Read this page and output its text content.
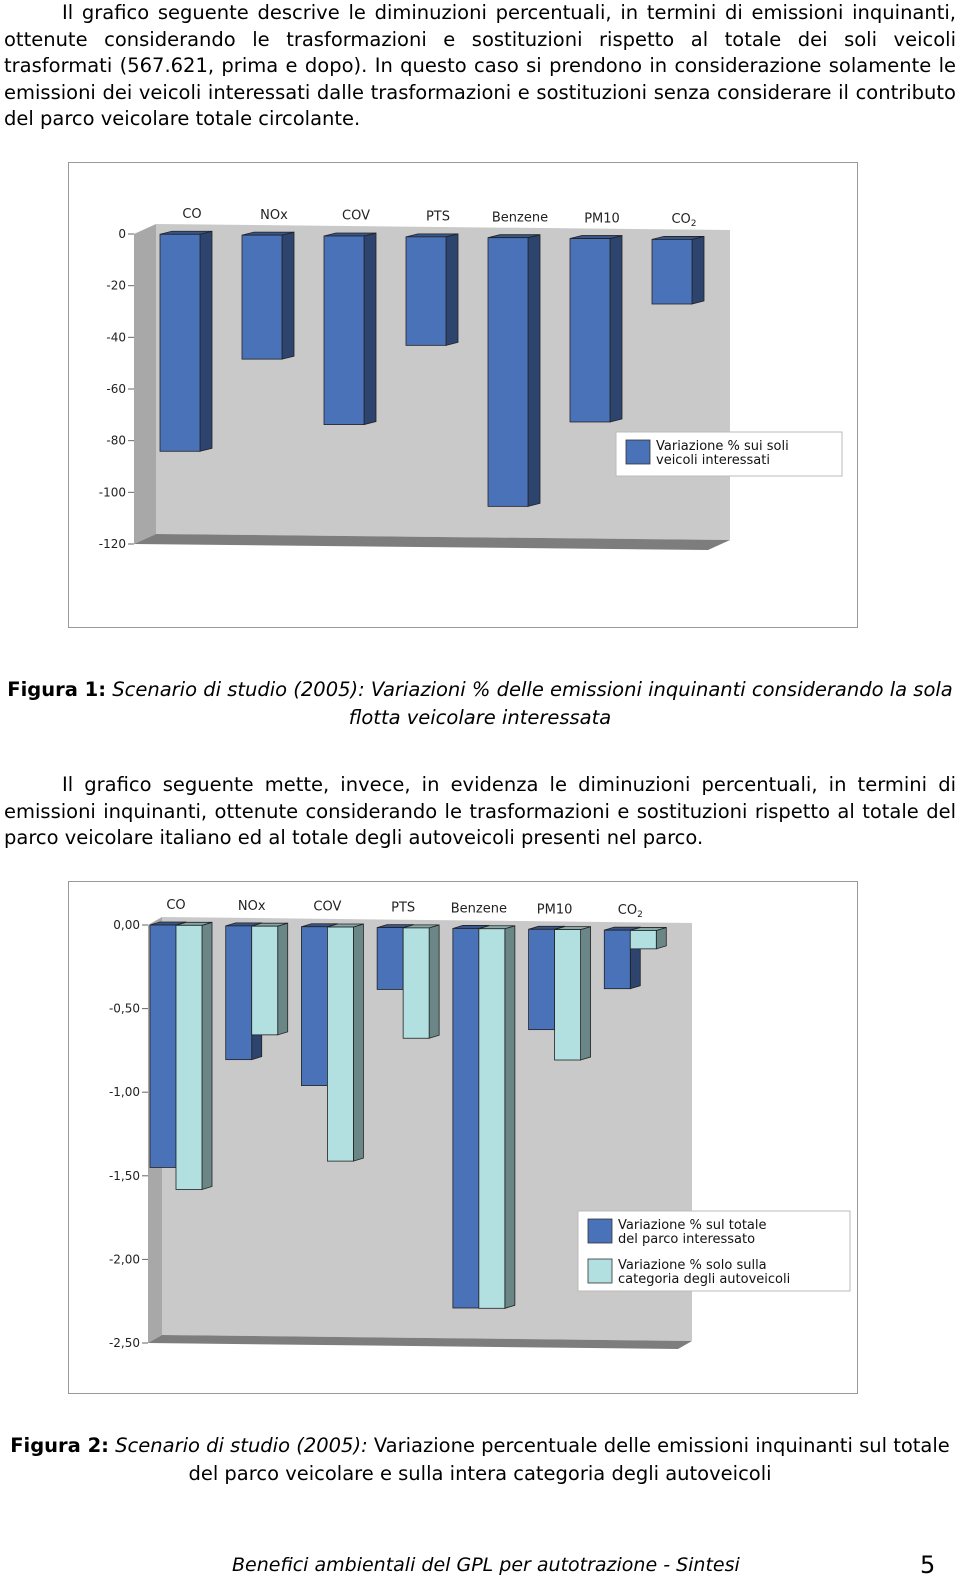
Il grafico seguente descrive le diminuzioni percentuali, in termini di emissioni inquinanti, ottenute considerando le trasformazioni e sostituzioni rispetto al totale dei soli veicoli trasformati (567.621, prima e dopo). In questo caso si prendono in considerazione solamente le emissioni dei veicoli interessati dalle trasformazioni e sostituzioni senza considerare il contributo del parco veicolare totale circolante.

0
-20
-40
-60
-80
-100
-120
CO	NOx	COV	PTS	Benzene	PM10	$CO_2$
Variazione % sui soli veicoli interessati

Figura 1: Scenario di studio (2005): Variazioni % delle emissioni inquinanti considerando la sola flotta veicolare interessata

Il grafico seguente mette, invece, in evidenza le diminuzioni percentuali, in termini di emissioni inquinanti, ottenute considerando le trasformazioni e sostituzioni rispetto al totale del parco veicolare italiano ed al totale degli autoveicoli presenti nel parco.

0,00
-0,50
-1,00
-1,50
-2,00
-2,50
CO	NOx	COV	PTS	Benzene PM10	$CO_2$
Variazione % sul totale del parco interessato
Variazione % solo sulla categoria degli autoveicoli

Figura 2: Scenario di studio (2005): Variazione percentuale delle emissioni inquinanti sul totale del parco veicolare e sulla intera categoria degli autoveicoli

Benefici ambientali del GPL per autotrazione - Sintesi	5
